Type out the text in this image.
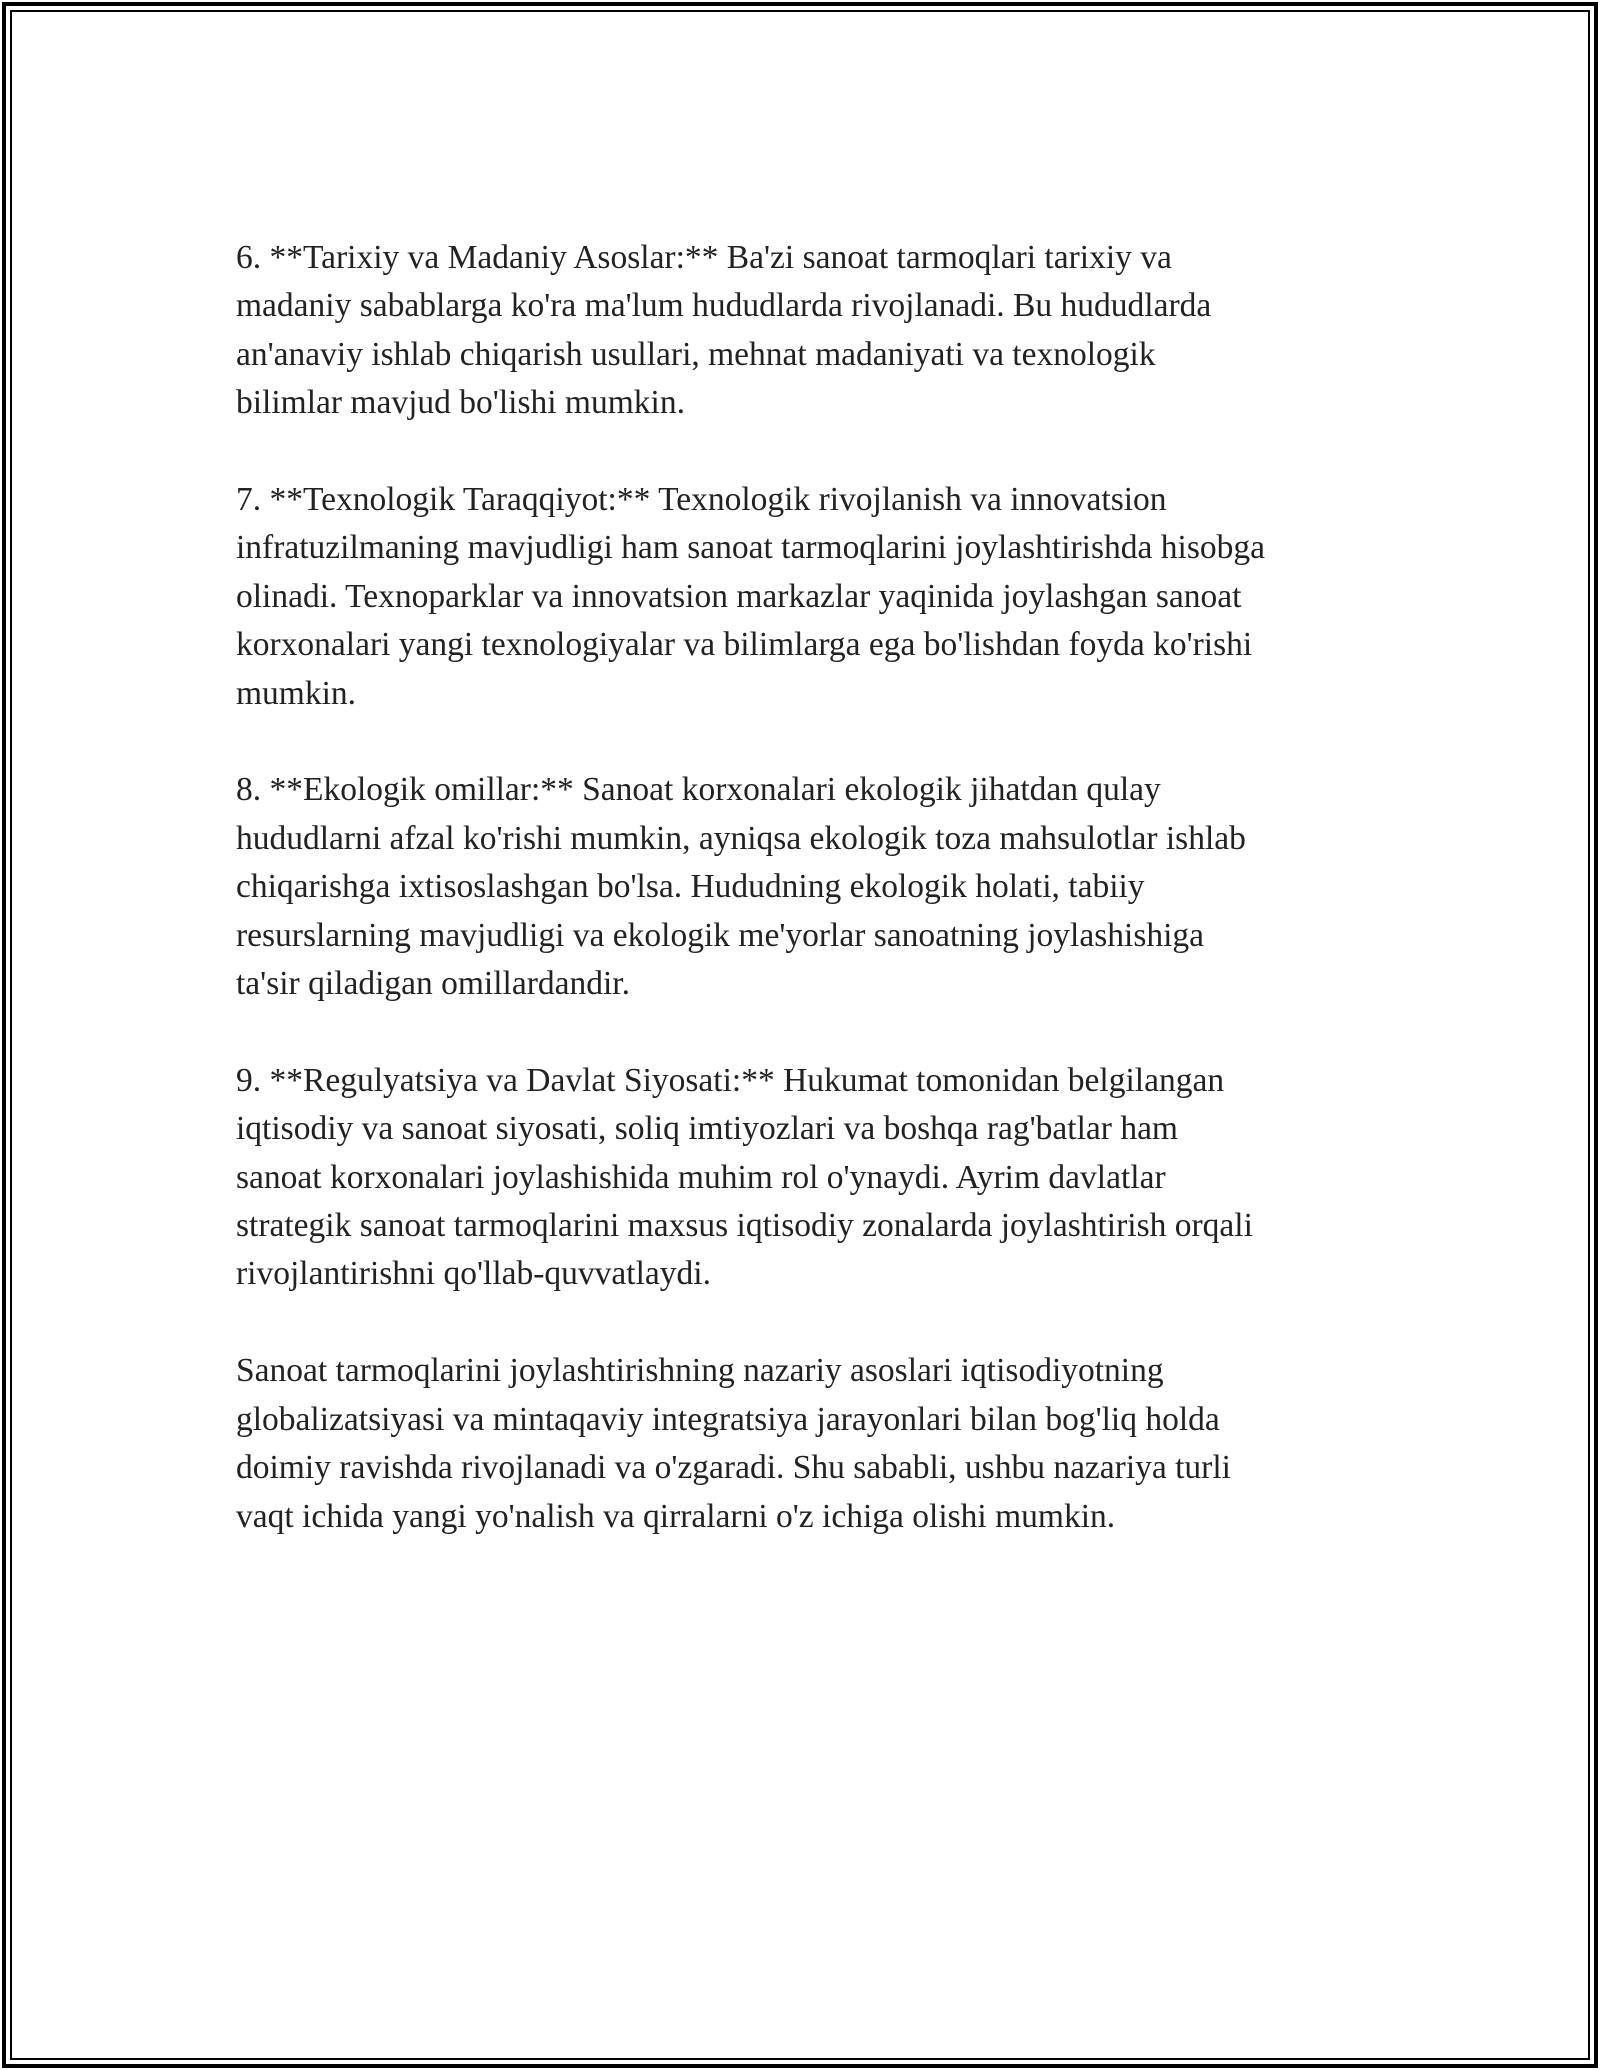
6. **Tarixiy va Madaniy Asoslar:** Ba'zi sanoat tarmoqlari tarixiy va
madaniy sabablarga ko'ra ma'lum hududlarda rivojlanadi. Bu hududlarda
an'anaviy ishlab chiqarish usullari, mehnat madaniyati va texnologik
bilimlar mavjud bo'lishi mumkin.

7. **Texnologik Taraqqiyot:** Texnologik rivojlanish va innovatsion
infratuzilmaning mavjudligi ham sanoat tarmoqlarini joylashtirishda hisobga
olinadi. Texnoparklar va innovatsion markazlar yaqinida joylashgan sanoat
korxonalari yangi texnologiyalar va bilimlarga ega bo'lishdan foyda ko'rishi
mumkin.

8. **Ekologik omillar:** Sanoat korxonalari ekologik jihatdan qulay
hududlarni afzal ko'rishi mumkin, ayniqsa ekologik toza mahsulotlar ishlab
chiqarishga ixtisoslashgan bo'lsa. Hududning ekologik holati, tabiiy
resurslarning mavjudligi va ekologik me'yorlar sanoatning joylashishiga
ta'sir qiladigan omillardandir.

9. **Regulyatsiya va Davlat Siyosati:** Hukumat tomonidan belgilangan
iqtisodiy va sanoat siyosati, soliq imtiyozlari va boshqa rag'batlar ham
sanoat korxonalari joylashishida muhim rol o'ynaydi. Ayrim davlatlar
strategik sanoat tarmoqlarini maxsus iqtisodiy zonalarda joylashtirish orqali
rivojlantirishni qo'llab-quvvatlaydi.

Sanoat tarmoqlarini joylashtirishning nazariy asoslari iqtisodiyotning
globalizatsiyasi va mintaqaviy integratsiya jarayonlari bilan bog'liq holda
doimiy ravishda rivojlanadi va o'zgaradi. Shu sababli, ushbu nazariya turli
vaqt ichida yangi yo'nalish va qirralarni o'z ichiga olishi mumkin.
